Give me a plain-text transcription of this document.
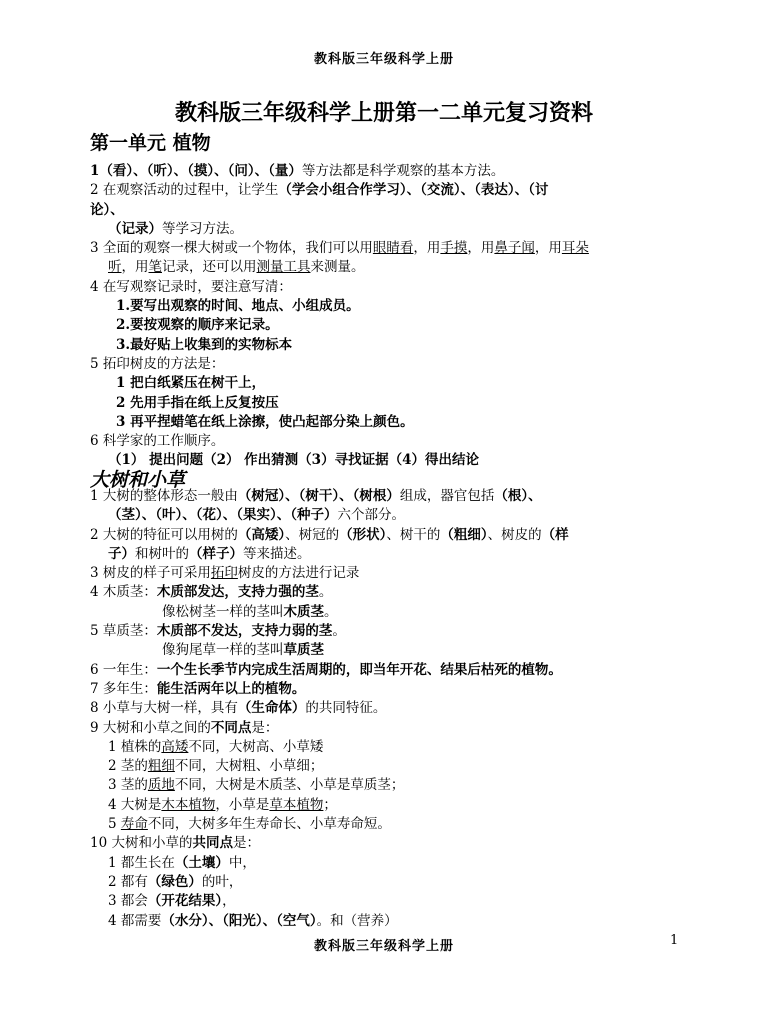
教科版三年级科学上册
教科版三年级科学上册第一二单元复习资料
第一单元 植物

1（看）、（听）、（摸）、（问）、（量）等方法都是科学观察的基本方法。

2 在观察活动的过程中，让学生（学会小组合作学习）、（交流）、（表达）、（讨

论）、

（记录）等学习方法。

3 全面的观察一棵大树或一个物体，我们可以用眼睛看，用手摸，用鼻子闻，用耳朵

听，用笔记录，还可以用测量工具来测量。

4 在写观察记录时，要注意写清：

1.要写出观察的时间、地点、小组成员。

2.要按观察的顺序来记录。

3.最好贴上收集到的实物标本

5 拓印树皮的方法是：

1 把白纸紧压在树干上，

2 先用手指在纸上反复按压

3 再平捏蜡笔在纸上涂擦，使凸起部分染上颜色。

6 科学家的工作顺序。

（1） 提出问题（2） 作出猜测（3）寻找证据（4）得出结论

大树和小草

1 大树的整体形态一般由（树冠）、（树干）、（树根）组成，器官包括（根）、

（茎）、（叶）、（花）、（果实）、（种子）六个部分。

2 大树的特征可以用树的（高矮）、树冠的（形状）、树干的（粗细）、树皮的（样

子）和树叶的（样子）等来描述。

3 树皮的样子可采用拓印树皮的方法进行记录

4 木质茎：木质部发达，支持力强的茎。

像松树茎一样的茎叫木质茎。

5 草质茎：木质部不发达，支持力弱的茎。

像狗尾草一样的茎叫草质茎

6 一年生：一个生长季节内完成生活周期的，即当年开花、结果后枯死的植物。

7 多年生：能生活两年以上的植物。

8 小草与大树一样，具有（生命体）的共同特征。

9 大树和小草之间的不同点是：

1 植株的高矮不同，大树高、小草矮

2 茎的粗细不同，大树粗、小草细；

3 茎的质地不同，大树是木质茎、小草是草质茎；

4 大树是木本植物，小草是草本植物；

5 寿命不同，大树多年生寿命长、小草寿命短。

10 大树和小草的共同点是：

1 都生长在（土壤）中，

2 都有（绿色）的叶，

3 都会（开花结果），

4 都需要（水分）、（阳光）、（空气）。和（营养）

教科版三年级科学上册	1
